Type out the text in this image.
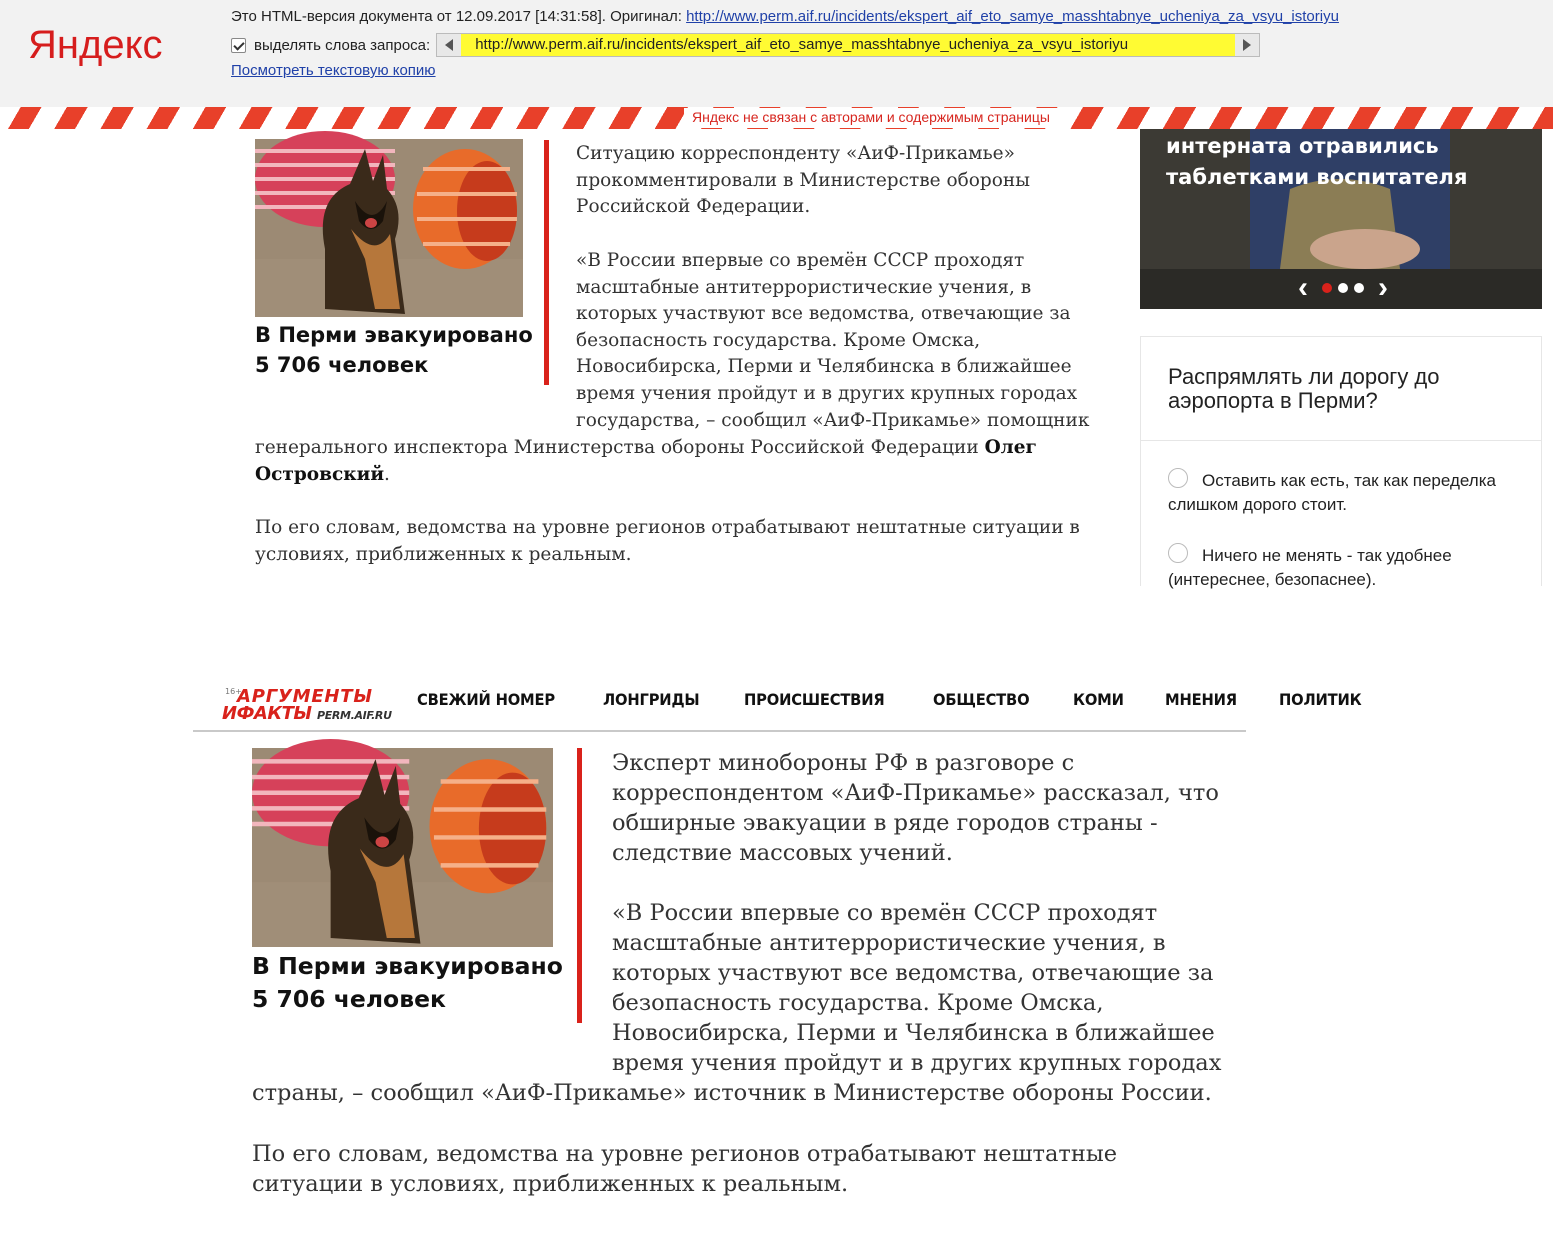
Яндекс
Это HTML-версия документа от 12.09.2017 [14:31:58]. Оригинал: http://www.perm.aif.ru/incidents/ekspert_aif_eto_samye_masshtabnye_ucheniya_za_vsyu_istoriyu
выделять слова запроса:	http://www.perm.aif.ru/incidents/ekspert_aif_eto_samye_masshtabnye_ucheniya_za_vsyu_istoriyu
Посмотреть текстовую копию
Яндекс не связан с авторами и содержимым страницы
В Перми эвакуировано
5 706 человек
Ситуацию корреспонденту «АиФ-Прикамье» прокомментировали в Министерстве обороны Российской Федерации.
«В России впервые со времён СССР проходят масштабные антитеррористические учения, в которых участвуют все ведомства, отвечающие за безопасность государства. Кроме Омска, Новосибирска, Перми и Челябинска в ближайшее время учения пройдут и в других крупных городах
государства, – сообщил «АиФ-Прикамье» помощник
генерального инспектора Министерства обороны Российской Федерации Олег Островский.
По его словам, ведомства на уровне регионов отрабатывают нештатные ситуации в условиях, приближенных к реальным.
интерната отравились таблетками воспитателя
‹ ›
Распрямлять ли дорогу до аэропорта в Перми?
Оставить как есть, так как переделка слишком дорого стоит.
Ничего не менять - так удобнее (интереснее, безопаснее).
16+
АРГУМЕНТЫ
ИФАКТЫ PERM.AIF.RU
СВЕЖИЙ НОМЕР	ЛОНГРИДЫ	ПРОИСШЕСТВИЯ	ОБЩЕСТВО	КОМИ	МНЕНИЯ	ПОЛИТИК
В Перми эвакуировано
5 706 человек
Эксперт минобороны РФ в разговоре с корреспондентом «АиФ-Прикамье» рассказал, что обширные эвакуации в ряде городов страны - следствие массовых учений.
«В России впервые со времён СССР проходят масштабные антитеррористические учения, в которых участвуют все ведомства, отвечающие за безопасность государства. Кроме Омска, Новосибирска, Перми и Челябинска в ближайшее время учения пройдут и в других крупных городах
страны, – сообщил «АиФ-Прикамье» источник в Министерстве обороны России.
По его словам, ведомства на уровне регионов отрабатывают нештатные ситуации в условиях, приближенных к реальным.
